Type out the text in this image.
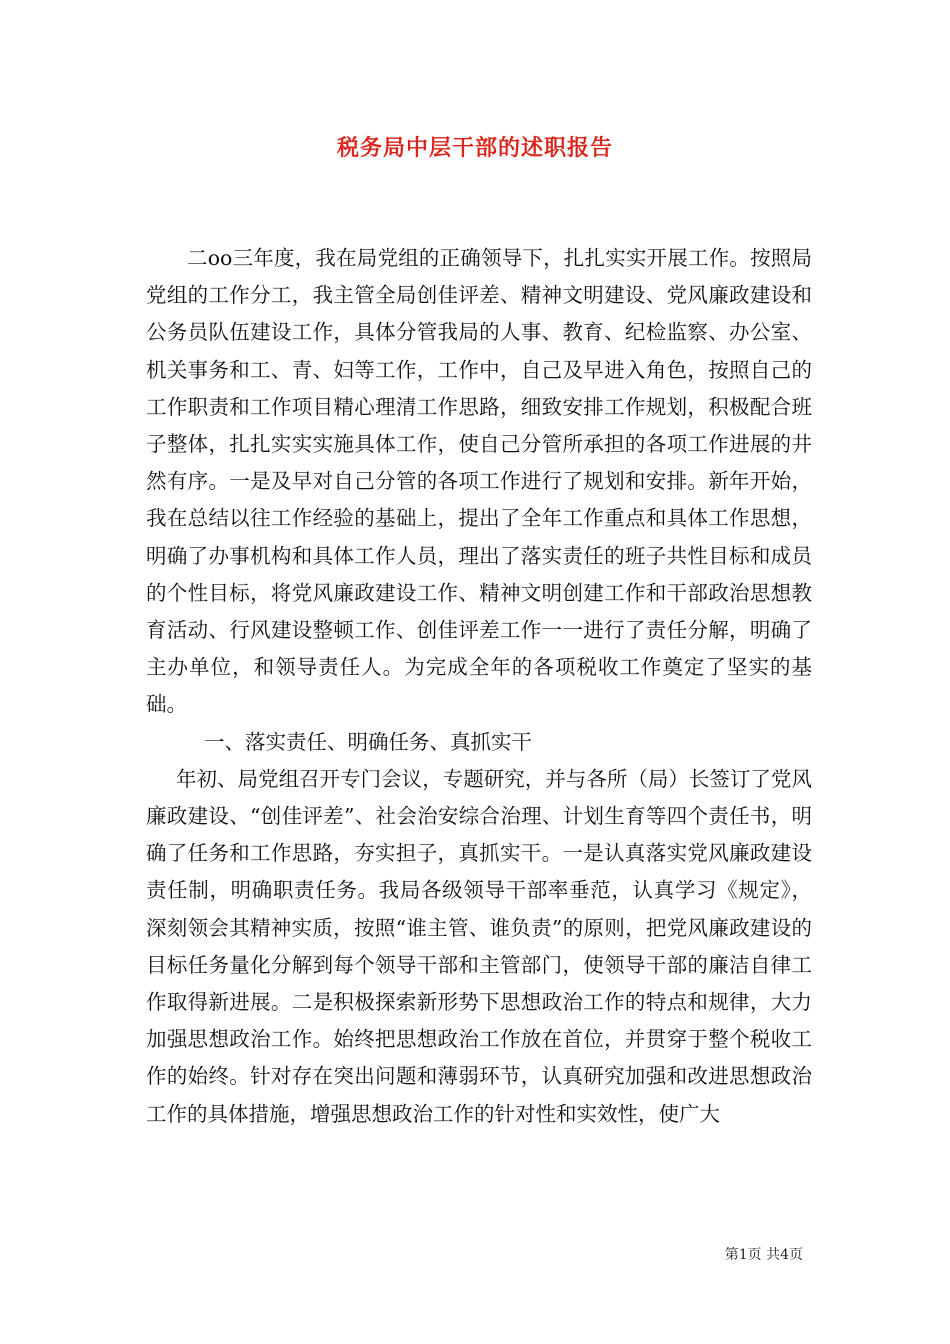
税务局中层干部的述职报告

二oo三年度，我在局党组的正确领导下，扎扎实实开展工作。按照局党组的工作分工，我主管全局创佳评差、精神文明建设、党风廉政建设和公务员队伍建设工作，具体分管我局的人事、教育、纪检监察、办公室、机关事务和工、青、妇等工作，工作中，自己及早进入角色，按照自己的工作职责和工作项目精心理清工作思路，细致安排工作规划，积极配合班子整体，扎扎实实实施具体工作，使自己分管所承担的各项工作进展的井然有序。一是及早对自己分管的各项工作进行了规划和安排。新年开始，我在总结以往工作经验的基础上，提出了全年工作重点和具体工作思想，明确了办事机构和具体工作人员，理出了落实责任的班子共性目标和成员的个性目标，将党风廉政建设工作、精神文明创建工作和干部政治思想教育活动、行风建设整顿工作、创佳评差工作一一进行了责任分解，明确了主办单位，和领导责任人。为完成全年的各项税收工作奠定了坚实的基础。

一、落实责任、明确任务、真抓实干

年初、局党组召开专门会议，专题研究，并与各所（局）长签订了党风廉政建设、“创佳评差”、社会治安综合治理、计划生育等四个责任书，明确了任务和工作思路，夯实担子，真抓实干。一是认真落实党风廉政建设责任制，明确职责任务。我局各级领导干部率垂范，认真学习《规定》，深刻领会其精神实质，按照“谁主管、谁负责”的原则，把党风廉政建设的目标任务量化分解到每个领导干部和主管部门，使领导干部的廉洁自律工作取得新进展。二是积极探索新形势下思想政治工作的特点和规律，大力加强思想政治工作。始终把思想政治工作放在首位，并贯穿于整个税收工作的始终。针对存在突出问题和薄弱环节，认真研究加强和改进思想政治工作的具体措施，增强思想政治工作的针对性和实效性，使广大

第1页 共4页
